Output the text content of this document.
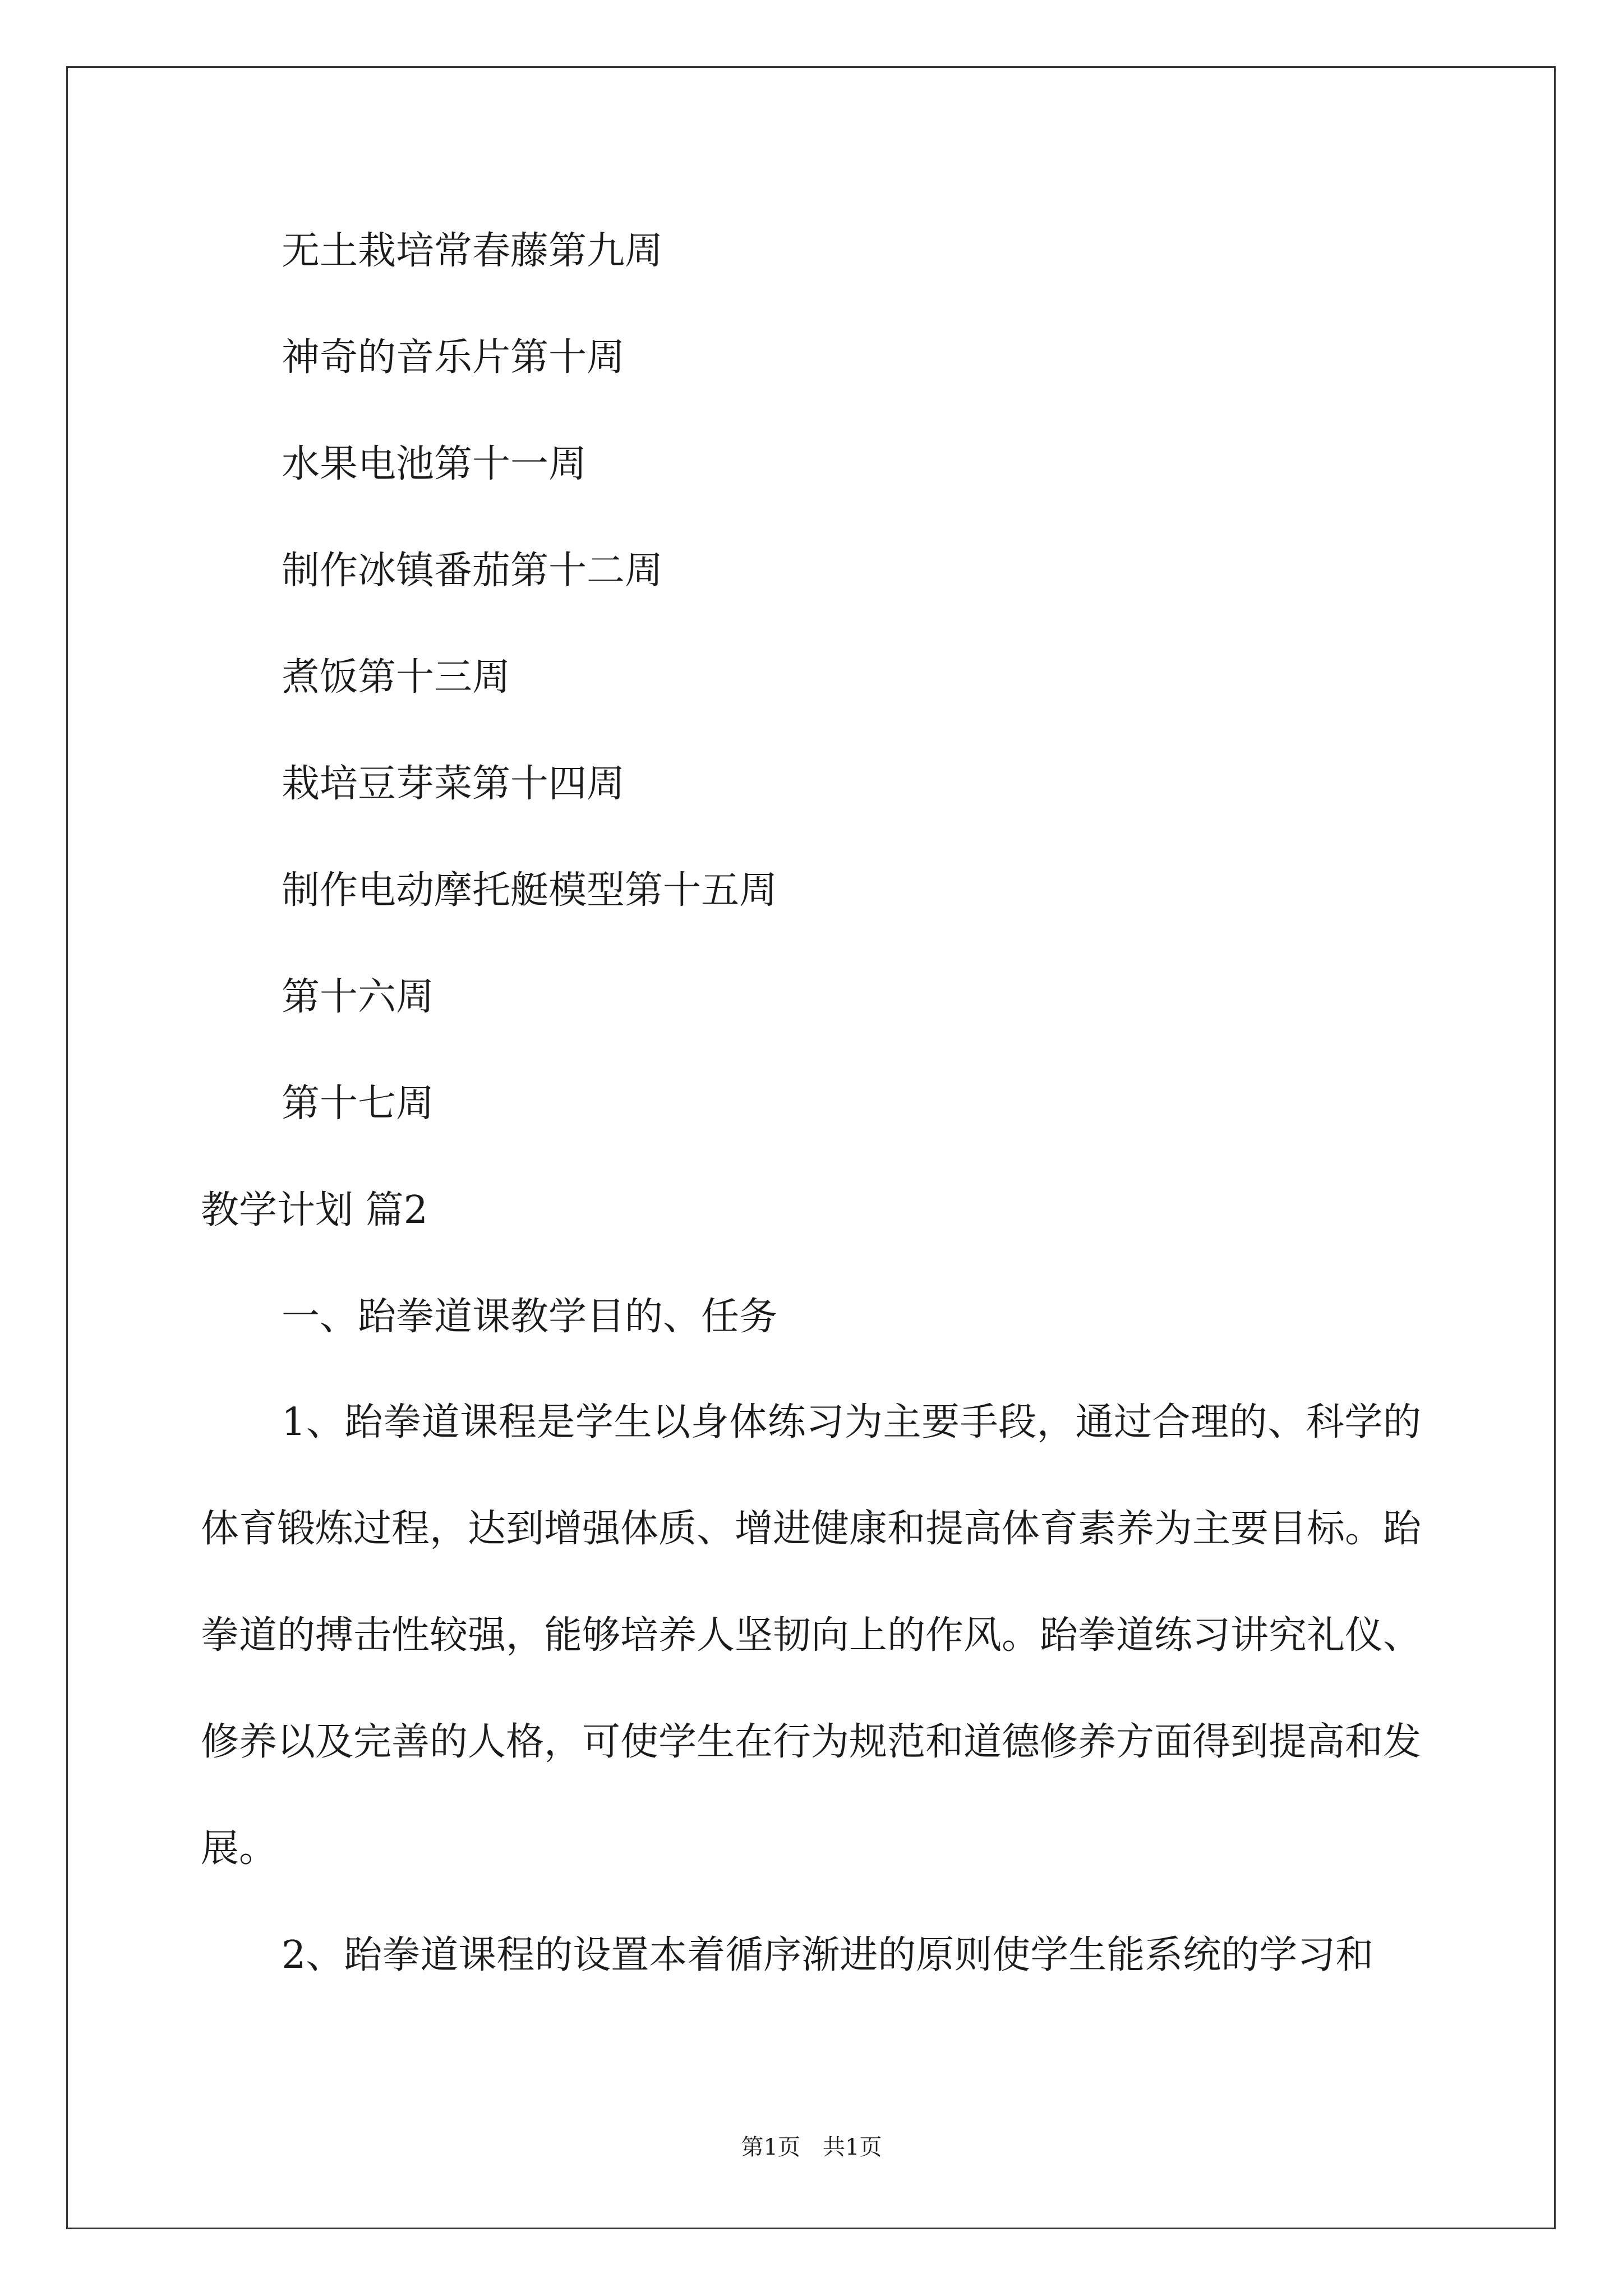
无土栽培常春藤第九周
神奇的音乐片第十周
水果电池第十一周
制作冰镇番茄第十二周
煮饭第十三周
栽培豆芽菜第十四周
制作电动摩托艇模型第十五周
第十六周
第十七周
教学计划 篇2
一、跆拳道课教学目的、任务
1、跆拳道课程是学生以身体练习为主要手段，通过合理的、科学的体育锻炼过程，达到增强体质、增进健康和提高体育素养为主要目标。跆拳道的搏击性较强，能够培养人坚韧向上的作风。跆拳道练习讲究礼仪、修养以及完善的人格，可使学生在行为规范和道德修养方面得到提高和发展。
2、跆拳道课程的设置本着循序渐进的原则使学生能系统的学习和
第1页　共1页
